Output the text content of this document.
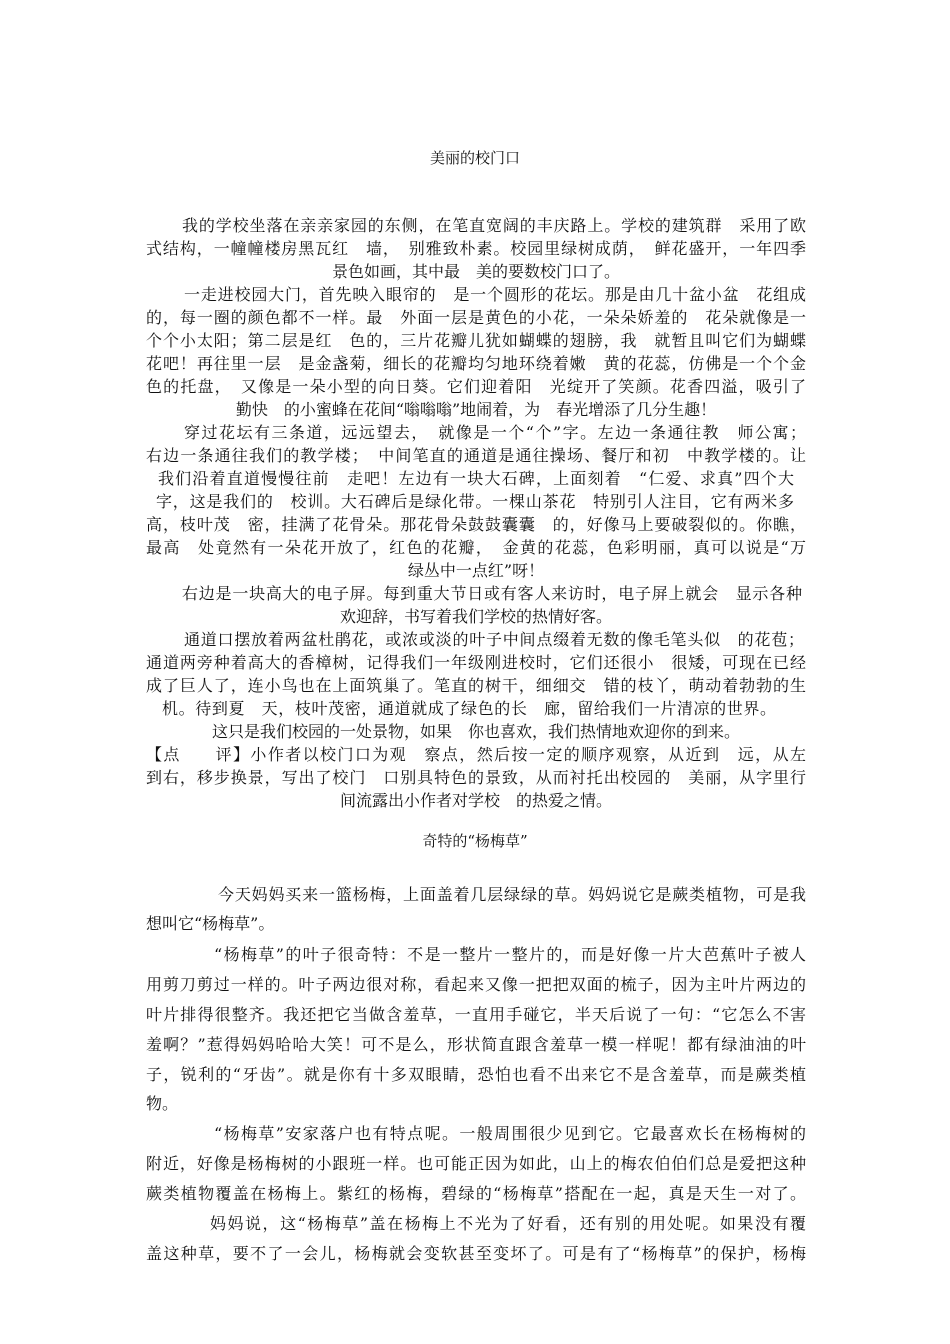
美丽的校门口
我的学校坐落在亲亲家园的东侧，在笔直宽阔的丰庆路上。学校的建筑群　采用了欧
式结构，一幢幢楼房黑瓦红　墙，　别雅致朴素。校园里绿树成荫，　鲜花盛开，一年四季
景色如画，其中最　美的要数校门口了。
一走进校园大门，首先映入眼帘的　是一个圆形的花坛。那是由几十盆小盆　花组成
的，每一圈的颜色都不一样。最　外面一层是黄色的小花，一朵朵娇羞的　花朵就像是一
个个小太阳；第二层是红　色的，三片花瓣儿犹如蝴蝶的翅膀，我　就暂且叫它们为蝴蝶
花吧！再往里一层　是金盏菊，细长的花瓣均匀地环绕着嫩　黄的花蕊，仿佛是一个个金
色的托盘，　又像是一朵小型的向日葵。它们迎着阳　光绽开了笑颜。花香四溢，吸引了
勤快　的小蜜蜂在花间“嗡嗡嗡”地闹着，为　春光增添了几分生趣！
穿过花坛有三条道，远远望去，　就像是一个“个”字。左边一条通往教　师公寓；
右边一条通往我们的教学楼；　中间笔直的通道是通往操场、餐厅和初　中教学楼的。让
我们沿着直道慢慢往前　走吧！左边有一块大石碑，上面刻着　“仁爱、求真”四个大
字，这是我们的　校训。大石碑后是绿化带。一棵山茶花　特别引人注目，它有两米多
高，枝叶茂　密，挂满了花骨朵。那花骨朵鼓鼓囊囊　的，好像马上要破裂似的。你瞧，
最高　处竟然有一朵花开放了，红色的花瓣，　金黄的花蕊，色彩明丽，真可以说是“万
绿丛中一点红”呀！
右边是一块高大的电子屏。每到重大节日或有客人来访时，电子屏上就会　显示各种
欢迎辞，书写着我们学校的热情好客。
通道口摆放着两盆杜鹃花，或浓或淡的叶子中间点缀着无数的像毛笔头似　的花苞；
通道两旁种着高大的香樟树，记得我们一年级刚进校时，它们还很小　很矮，可现在已经
成了巨人了，连小鸟也在上面筑巢了。笔直的树干，细细交　错的枝丫，萌动着勃勃的生
机。待到夏　天，枝叶茂密，通道就成了绿色的长　廊，留给我们一片清凉的世界。
这只是我们校园的一处景物，如果　你也喜欢，我们热情地欢迎你的到来。
【点　　评】小作者以校门口为观　察点，然后按一定的顺序观察，从近到　远，从左
到右，移步换景，写出了校门　口别具特色的景致，从而衬托出校园的　美丽，从字里行
间流露出小作者对学校　的热爱之情。
奇特的“杨梅草”
今天妈妈买来一篮杨梅，上面盖着几层绿绿的草。妈妈说它是蕨类植物，可是我
想叫它“杨梅草”。
“杨梅草”的叶子很奇特：不是一整片一整片的，而是好像一片大芭蕉叶子被人
用剪刀剪过一样的。叶子两边很对称，看起来又像一把把双面的梳子，因为主叶片两边的
叶片排得很整齐。我还把它当做含羞草，一直用手碰它，半天后说了一句：“它怎么不害
羞啊？”惹得妈妈哈哈大笑！可不是么，形状简直跟含羞草一模一样呢！都有绿油油的叶
子，锐利的“牙齿”。就是你有十多双眼睛，恐怕也看不出来它不是含羞草，而是蕨类植
物。
“杨梅草”安家落户也有特点呢。一般周围很少见到它。它最喜欢长在杨梅树的
附近，好像是杨梅树的小跟班一样。也可能正因为如此，山上的梅农伯伯们总是爱把这种
蕨类植物覆盖在杨梅上。紫红的杨梅，碧绿的“杨梅草”搭配在一起，真是天生一对了。
妈妈说，这“杨梅草”盖在杨梅上不光为了好看，还有别的用处呢。如果没有覆
盖这种草，要不了一会儿，杨梅就会变软甚至变坏了。可是有了“杨梅草”的保护，杨梅
